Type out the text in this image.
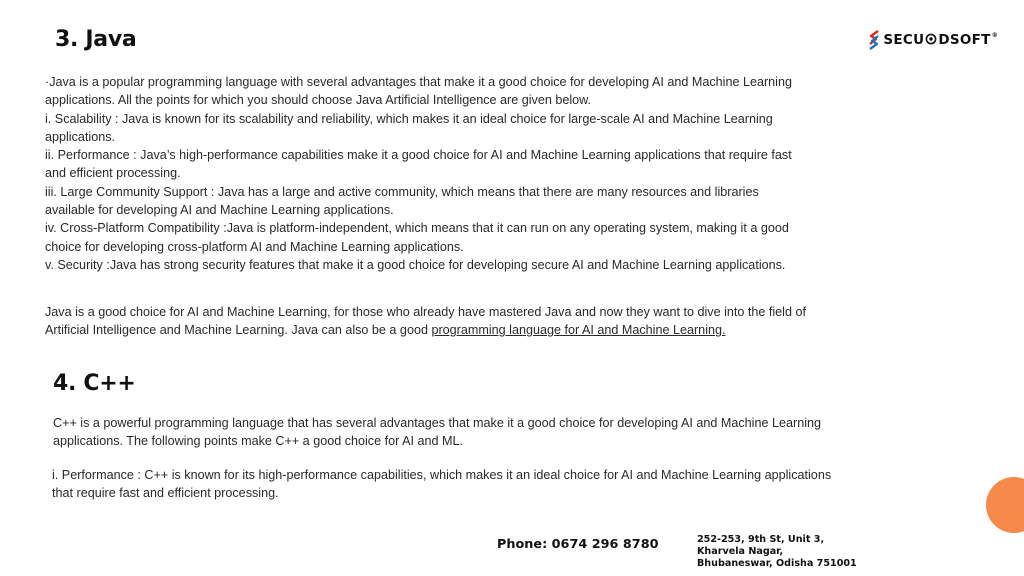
3. Java	SECU DSOFT®
·Java is a popular programming language with several advantages that make it a good choice for developing AI and Machine Learning
applications. All the points for which you should choose Java Artificial Intelligence are given below.
i. Scalability : Java is known for its scalability and reliability, which makes it an ideal choice for large-scale AI and Machine Learning
applications.
ii. Performance : Java’s high-performance capabilities make it a good choice for AI and Machine Learning applications that require fast
and efficient processing.
iii. Large Community Support : Java has a large and active community, which means that there are many resources and libraries
available for developing AI and Machine Learning applications.
iv. Cross-Platform Compatibility :Java is platform-independent, which means that it can run on any operating system, making it a good
choice for developing cross-platform AI and Machine Learning applications.
v. Security :Java has strong security features that make it a good choice for developing secure AI and Machine Learning applications.
Java is a good choice for AI and Machine Learning, for those who already have mastered Java and now they want to dive into the field of
Artificial Intelligence and Machine Learning. Java can also be a good programming language for AI and Machine Learning.
4. C++
C++ is a powerful programming language that has several advantages that make it a good choice for developing AI and Machine Learning
applications. The following points make C++ a good choice for AI and ML.
i. Performance : C++ is known for its high-performance capabilities, which makes it an ideal choice for AI and Machine Learning applications
that require fast and efficient processing.
Phone: 0674 296 8780	252-253, 9th St, Unit 3,
Kharvela Nagar,
Bhubaneswar, Odisha 751001
